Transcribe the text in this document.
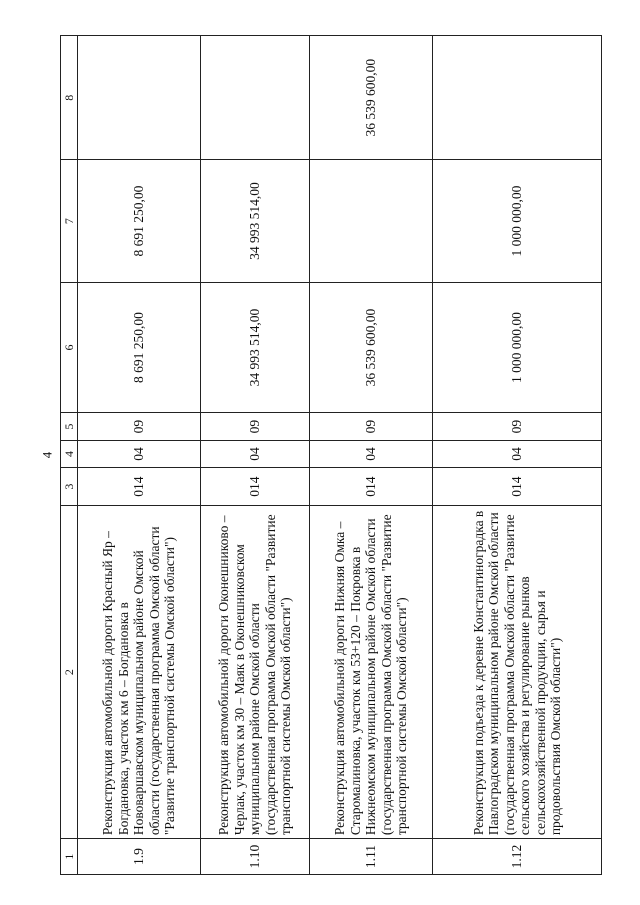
4
1	2	3	4	5	6	7	8
1.9	Реконструкция автомобильной дороги Красный Яр – Богдановка, участок км 6 – Богдановка в Нововаршавском муниципальном районе Омской области (государственная программа Омской области "Развитие транспортной системы Омской области")	014	04	09	8 691 250,00	8 691 250,00	
1.10	Реконструкция автомобильной дороги Оконешниково – Черлак, участок км 30 – Маяк в Оконешниковском муниципальном районе Омской области (государственная программа Омской области "Развитие транспортной системы Омской области")	014	04	09	34 993 514,00	34 993 514,00	
1.11	Реконструкция автомобильной дороги Нижняя Омка – Старомалиновка, участок км 53+120 – Покровка в Нижнеомском муниципальном районе Омской области (государственная программа Омской области "Развитие транспортной системы Омской области")	014	04	09	36 539 600,00		36 539 600,00
1.12	Реконструкция подъезда к деревне Константиноградка в Павлоградском муниципальном районе Омской области (государственная программа Омской области "Развитие сельского хозяйства и регулирование рынков сельскохозяйственной продукции, сырья и продовольствия Омской области")	014	04	09	1 000 000,00	1 000 000,00	
